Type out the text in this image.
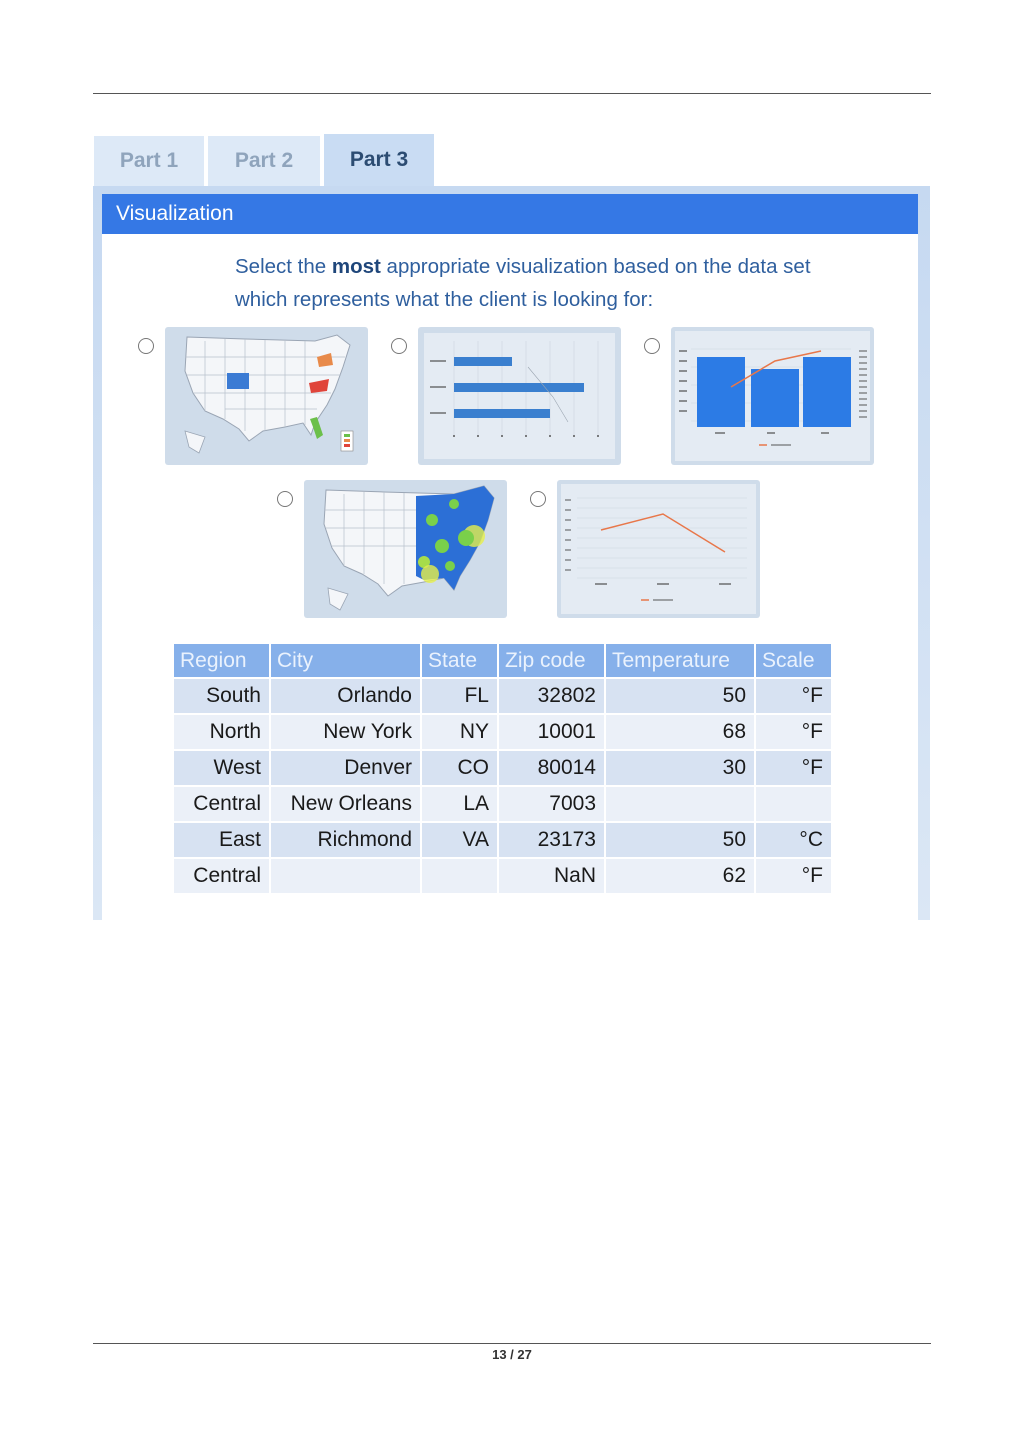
Part 1	Part 2	Part 3
Visualization
Select the most appropriate visualization based on the data set which represents what the client is looking for:
Region	City	State	Zip code	Temperature	Scale
South	Orlando	FL	32802	50	°F
North	New York	NY	10001	68	°F
West	Denver	CO	80014	30	°F
Central	New Orleans	LA	7003		
East	Richmond	VA	23173	50	°C
Central			NaN	62	°F
13 / 27
